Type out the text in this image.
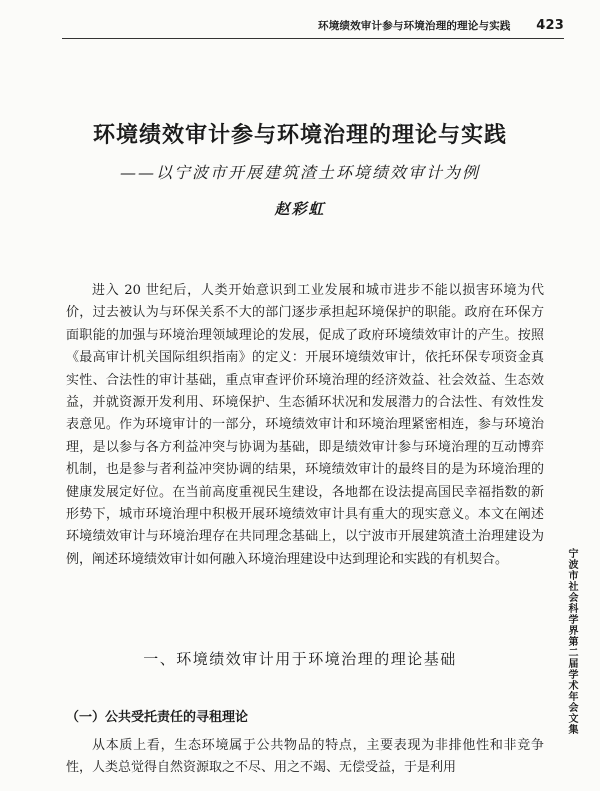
环境绩效审计参与环境治理的理论与实践 423
环境绩效审计参与环境治理的理论与实践
——以宁波市开展建筑渣土环境绩效审计为例
赵彩虹

进入 20 世纪后，人类开始意识到工业发展和城市进步不能以损害环境为代价，过去被认为与环保关系不大的部门逐步承担起环境保护的职能。政府在环保方面职能的加强与环境治理领域理论的发展，促成了政府环境绩效审计的产生。按照《最高审计机关国际组织指南》的定义：开展环境绩效审计，依托环保专项资金真实性、合法性的审计基础，重点审查评价环境治理的经济效益、社会效益、生态效益，并就资源开发利用、环境保护、生态循环状况和发展潜力的合法性、有效性发表意见。作为环境审计的一部分，环境绩效审计和环境治理紧密相连，参与环境治理，是以参与各方利益冲突与协调为基础，即是绩效审计参与环境治理的互动博弈机制，也是参与者利益冲突协调的结果，环境绩效审计的最终目的是为环境治理的健康发展定好位。在当前高度重视民生建设，各地都在设法提高国民幸福指数的新形势下，城市环境治理中积极开展环境绩效审计具有重大的现实意义。本文在阐述环境绩效审计与环境治理存在共同理念基础上，以宁波市开展建筑渣土治理建设为例，阐述环境绩效审计如何融入环境治理建设中达到理论和实践的有机契合。

一、环境绩效审计用于环境治理的理论基础
（一）公共受托责任的寻租理论

从本质上看，生态环境属于公共物品的特点，主要表现为非排他性和非竞争性，人类总觉得自然资源取之不尽、用之不竭、无偿受益，于是利用

宁波市社会科学界第二届学术年会文集
